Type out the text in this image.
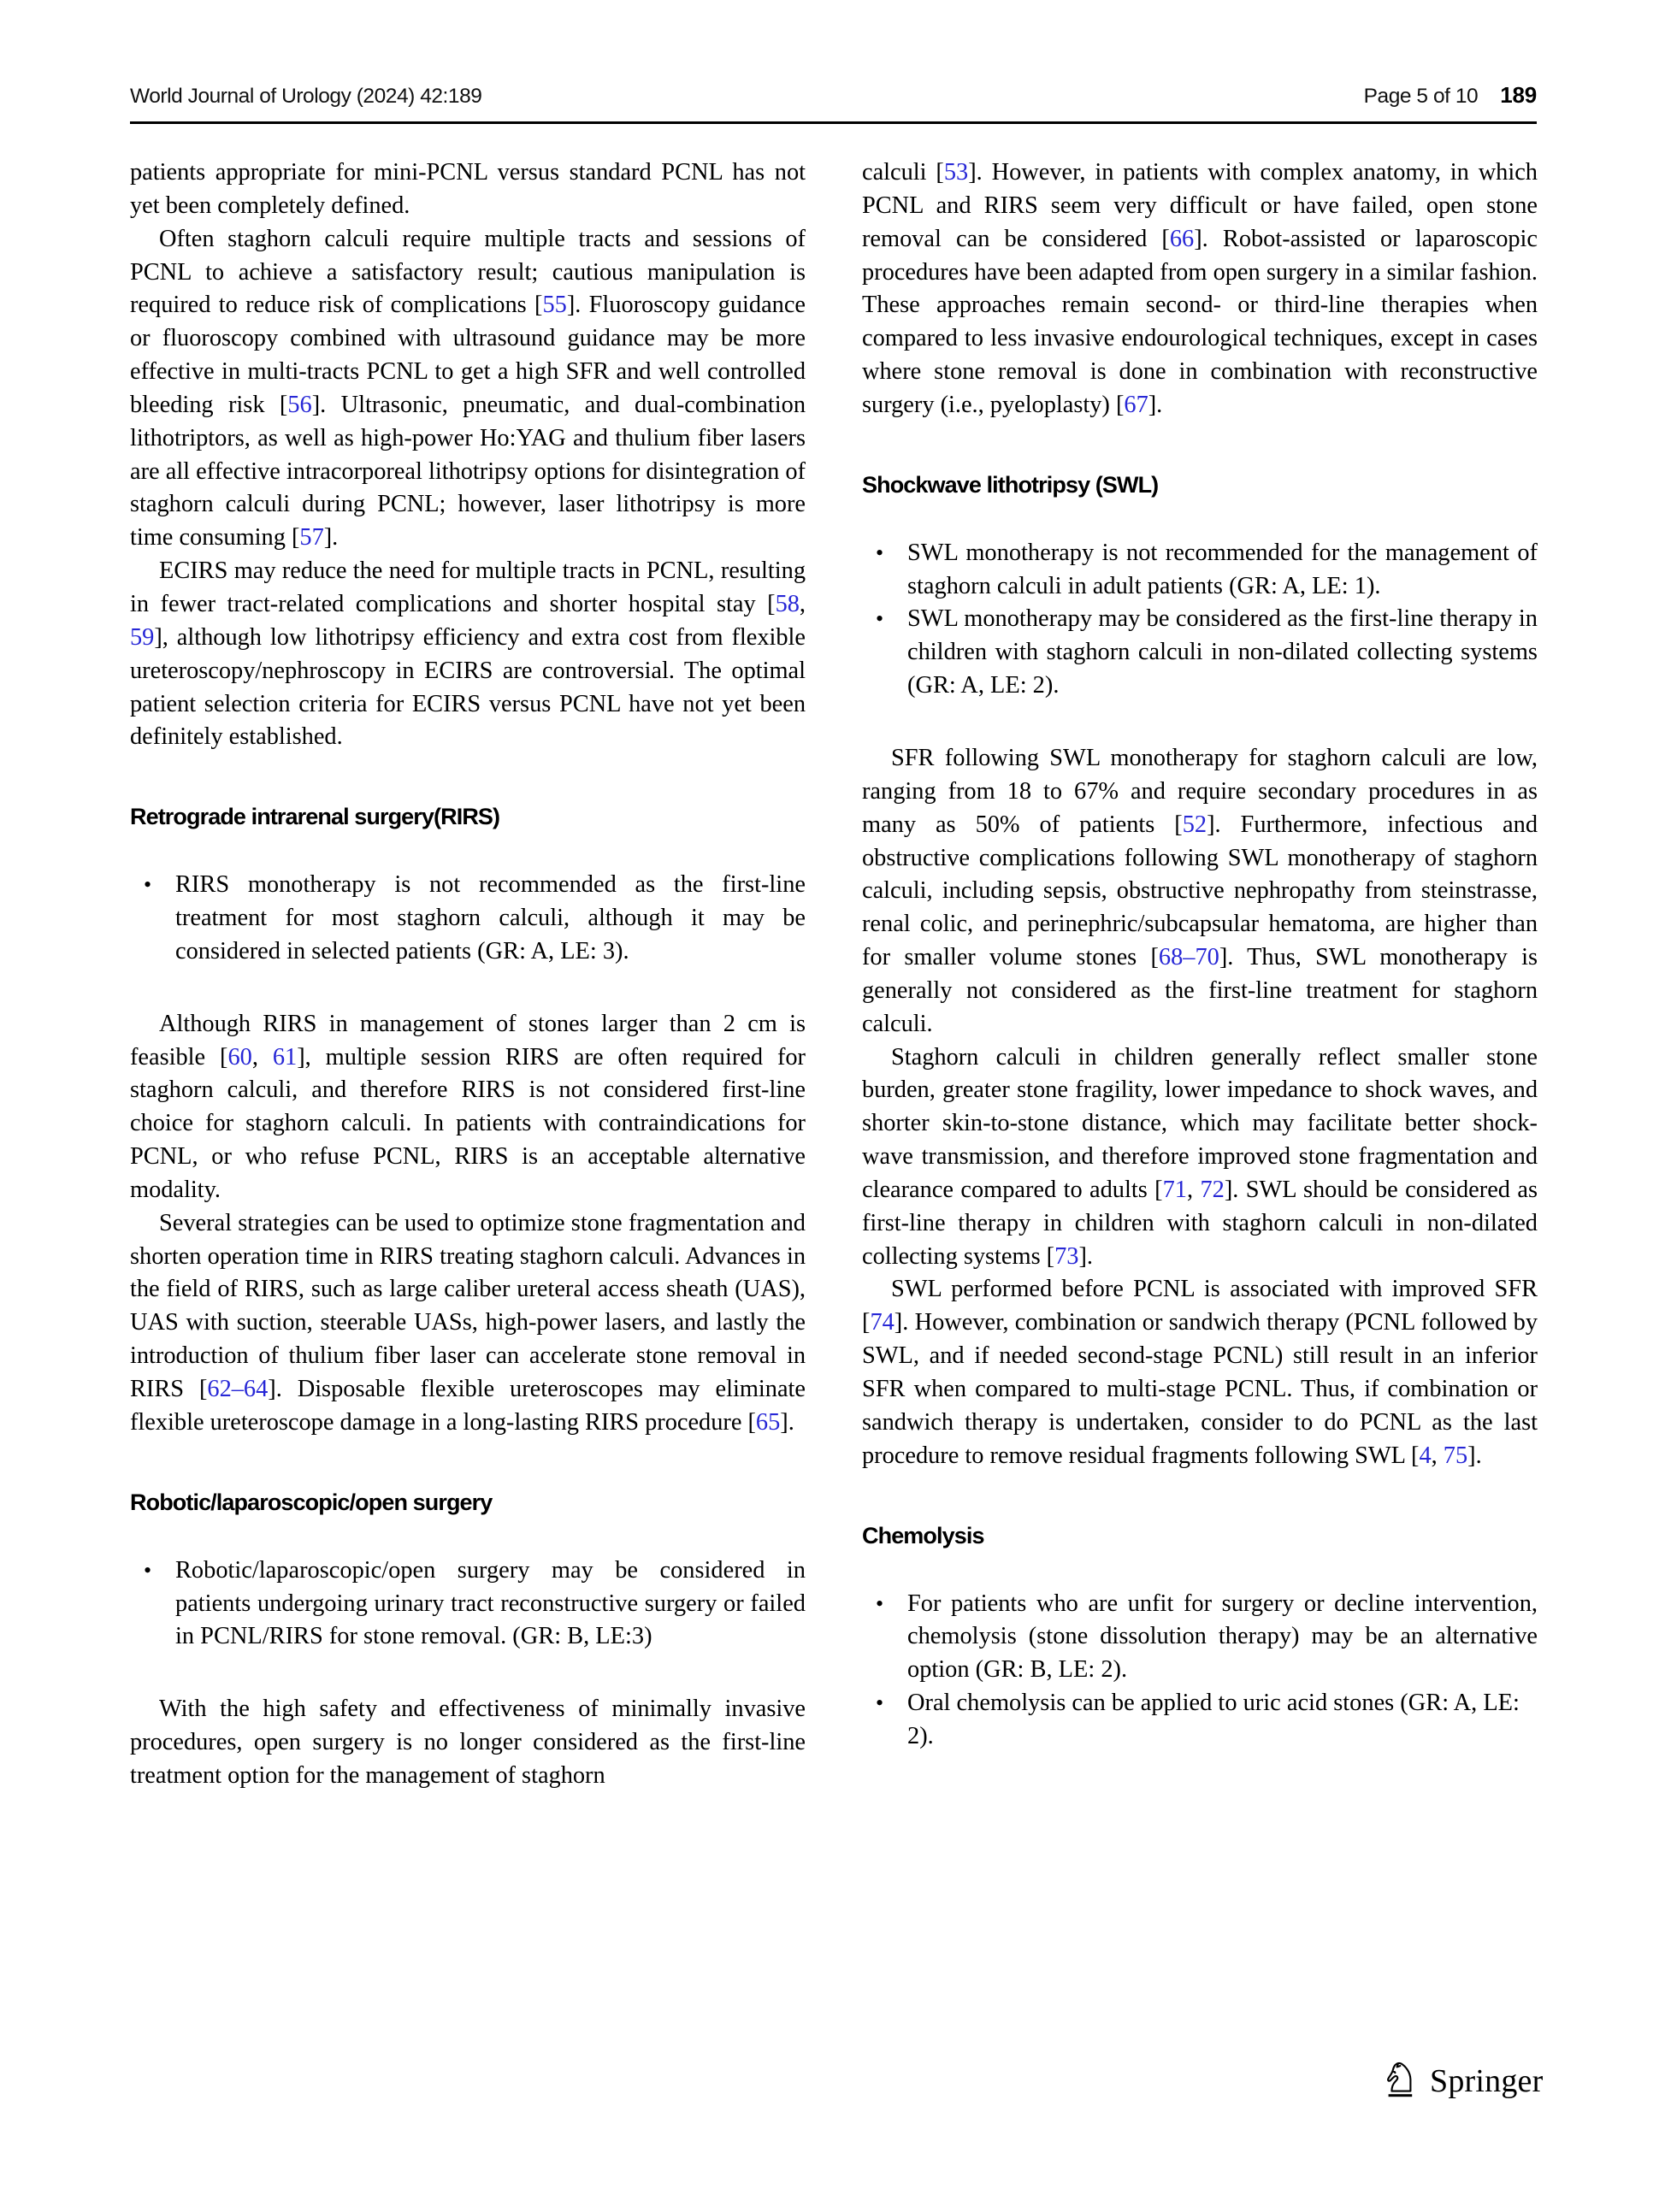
World Journal of Urology (2024) 42:189	Page 5 of 10 189

patients appropriate for mini-PCNL versus standard PCNL has not yet been completely defined.

Often staghorn calculi require multiple tracts and sessions of PCNL to achieve a satisfactory result; cautious manipulation is required to reduce risk of complications [55]. Fluoroscopy guidance or fluoroscopy combined with ultrasound guidance may be more effective in multi-tracts PCNL to get a high SFR and well controlled bleeding risk [56]. Ultrasonic, pneumatic, and dual-combination lithotriptors, as well as high-power Ho:YAG and thulium fiber lasers are all effective intracorporeal lithotripsy options for disintegration of staghorn calculi during PCNL; however, laser lithotripsy is more time consuming [57].

ECIRS may reduce the need for multiple tracts in PCNL, resulting in fewer tract-related complications and shorter hospital stay [58, 59], although low lithotripsy efficiency and extra cost from flexible ureteroscopy/nephroscopy in ECIRS are controversial. The optimal patient selection criteria for ECIRS versus PCNL have not yet been definitely established.

Retrograde intrarenal surgery(RIRS)
• RIRS monotherapy is not recommended as the first-line treatment for most staghorn calculi, although it may be considered in selected patients (GR: A, LE: 3).

Although RIRS in management of stones larger than 2 cm is feasible [60, 61], multiple session RIRS are often required for staghorn calculi, and therefore RIRS is not considered first-line choice for staghorn calculi. In patients with contraindications for PCNL, or who refuse PCNL, RIRS is an acceptable alternative modality.

Several strategies can be used to optimize stone fragmentation and shorten operation time in RIRS treating staghorn calculi. Advances in the field of RIRS, such as large caliber ureteral access sheath (UAS), UAS with suction, steerable UASs, high-power lasers, and lastly the introduction of thulium fiber laser can accelerate stone removal in RIRS [62–64]. Disposable flexible ureteroscopes may eliminate flexible ureteroscope damage in a long-lasting RIRS procedure [65].

Robotic/laparoscopic/open surgery
• Robotic/laparoscopic/open surgery may be considered in patients undergoing urinary tract reconstructive surgery or failed in PCNL/RIRS for stone removal. (GR: B, LE:3)

With the high safety and effectiveness of minimally invasive procedures, open surgery is no longer considered as the first-line treatment option for the management of staghorn

calculi [53]. However, in patients with complex anatomy, in which PCNL and RIRS seem very difficult or have failed, open stone removal can be considered [66]. Robot-assisted or laparoscopic procedures have been adapted from open surgery in a similar fashion. These approaches remain second- or third-line therapies when compared to less invasive endourological techniques, except in cases where stone removal is done in combination with reconstructive surgery (i.e., pyeloplasty) [67].

Shockwave lithotripsy (SWL)
• SWL monotherapy is not recommended for the management of staghorn calculi in adult patients (GR: A, LE: 1).
• SWL monotherapy may be considered as the first-line therapy in children with staghorn calculi in non-dilated collecting systems (GR: A, LE: 2).

SFR following SWL monotherapy for staghorn calculi are low, ranging from 18 to 67% and require secondary procedures in as many as 50% of patients [52]. Furthermore, infectious and obstructive complications following SWL monotherapy of staghorn calculi, including sepsis, obstructive nephropathy from steinstrasse, renal colic, and perinephric/subcapsular hematoma, are higher than for smaller volume stones [68–70]. Thus, SWL monotherapy is generally not considered as the first-line treatment for staghorn calculi.

Staghorn calculi in children generally reflect smaller stone burden, greater stone fragility, lower impedance to shock waves, and shorter skin-to-stone distance, which may facilitate better shock-wave transmission, and therefore improved stone fragmentation and clearance compared to adults [71, 72]. SWL should be considered as first-line therapy in children with staghorn calculi in non-dilated collecting systems [73].

SWL performed before PCNL is associated with improved SFR [74]. However, combination or sandwich therapy (PCNL followed by SWL, and if needed second-stage PCNL) still result in an inferior SFR when compared to multi-stage PCNL. Thus, if combination or sandwich therapy is undertaken, consider to do PCNL as the last procedure to remove residual fragments following SWL [4, 75].

Chemolysis
• For patients who are unfit for surgery or decline intervention, chemolysis (stone dissolution therapy) may be an alternative option (GR: B, LE: 2).
• Oral chemolysis can be applied to uric acid stones (GR: A, LE: 2).
Springer
